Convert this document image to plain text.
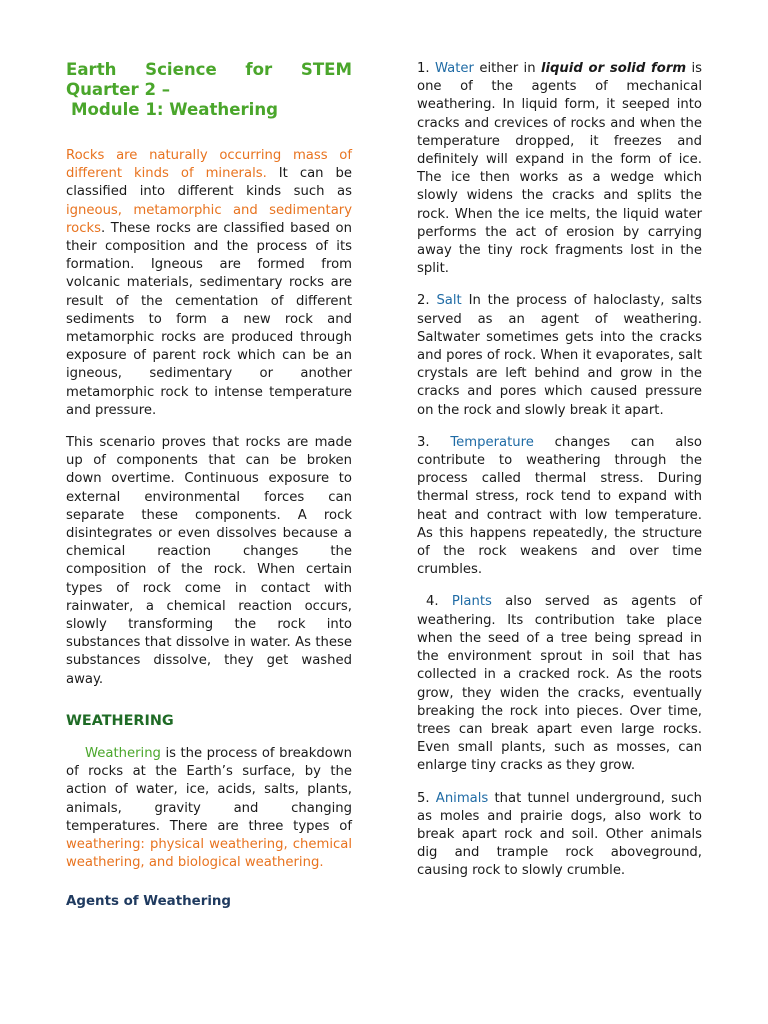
Earth Science for STEM
Quarter 2 –
Module 1: Weathering

Rocks are naturally occurring mass of different kinds of minerals. It can be classified into different kinds such as igneous, metamorphic and sedimentary rocks. These rocks are classified based on their composition and the process of its formation. Igneous are formed from volcanic materials, sedimentary rocks are result of the cementation of different sediments to form a new rock and metamorphic rocks are produced through exposure of parent rock which can be an igneous, sedimentary or another metamorphic rock to intense temperature and pressure.

This scenario proves that rocks are made up of components that can be broken down overtime. Continuous exposure to external environmental forces can separate these components. A rock disintegrates or even dissolves because a chemical reaction changes the composition of the rock. When certain types of rock come in contact with rainwater, a chemical reaction occurs, slowly transforming the rock into substances that dissolve in water. As these substances dissolve, they get washed away.

WEATHERING

Weathering is the process of breakdown of rocks at the Earth’s surface, by the action of water, ice, acids, salts, plants, animals, gravity and changing temperatures. There are three types of weathering: physical weathering, chemical weathering, and biological weathering.

Agents of Weathering

1. Water either in liquid or solid form is one of the agents of mechanical weathering. In liquid form, it seeped into cracks and crevices of rocks and when the temperature dropped, it freezes and definitely will expand in the form of ice. The ice then works as a wedge which slowly widens the cracks and splits the rock. When the ice melts, the liquid water performs the act of erosion by carrying away the tiny rock fragments lost in the split.

2. Salt In the process of haloclasty, salts served as an agent of weathering. Saltwater sometimes gets into the cracks and pores of rock. When it evaporates, salt crystals are left behind and grow in the cracks and pores which caused pressure on the rock and slowly break it apart.

3. Temperature changes can also contribute to weathering through the process called thermal stress. During thermal stress, rock tend to expand with heat and contract with low temperature. As this happens repeatedly, the structure of the rock weakens and over time crumbles.

4. Plants also served as agents of weathering. Its contribution take place when the seed of a tree being spread in the environment sprout in soil that has collected in a cracked rock. As the roots grow, they widen the cracks, eventually breaking the rock into pieces. Over time, trees can break apart even large rocks. Even small plants, such as mosses, can enlarge tiny cracks as they grow.

5. Animals that tunnel underground, such as moles and prairie dogs, also work to break apart rock and soil. Other animals dig and trample rock aboveground, causing rock to slowly crumble.
